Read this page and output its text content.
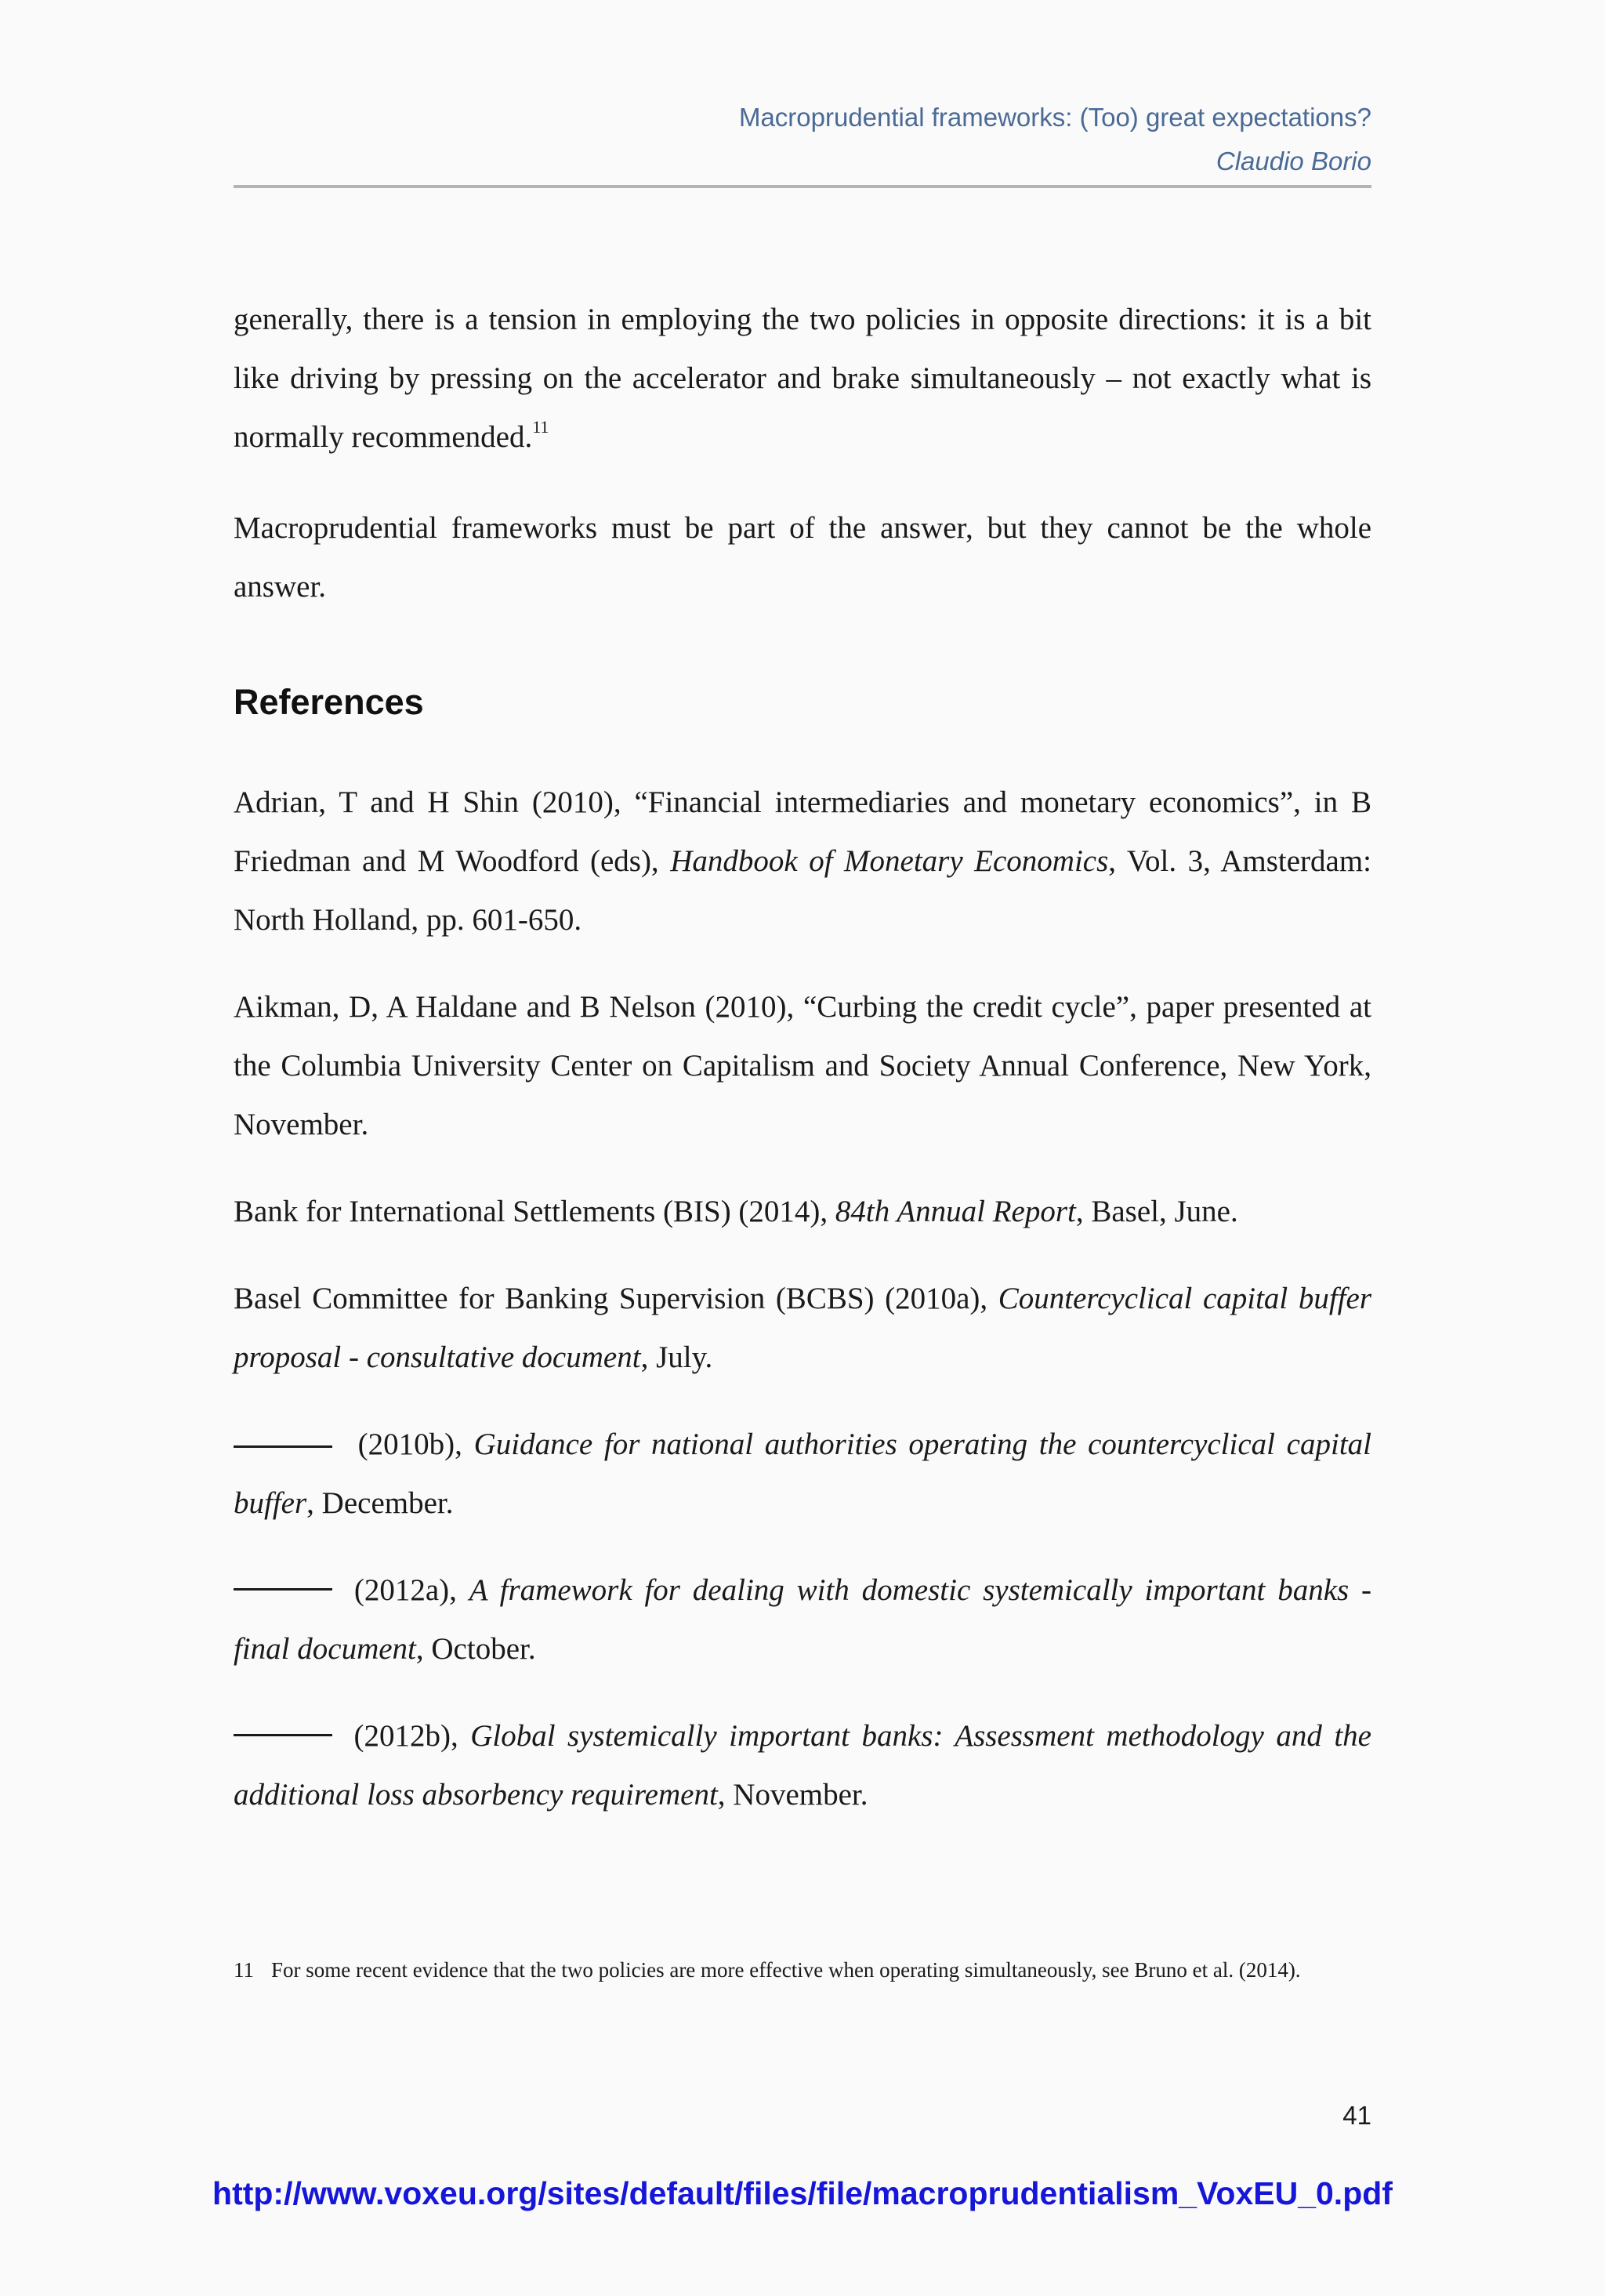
Macroprudential frameworks: (Too) great expectations?
Claudio Borio

generally, there is a tension in employing the two policies in opposite directions: it is a bit like driving by pressing on the accelerator and brake simultaneously – not exactly what is normally recommended.$^{11}$

Macroprudential frameworks must be part of the answer, but they cannot be the whole answer.

References

Adrian, T and H Shin (2010), “Financial intermediaries and monetary economics”, in B Friedman and M Woodford (eds), Handbook of Monetary Economics, Vol. 3, Amsterdam: North Holland, pp. 601-650.

Aikman, D, A Haldane and B Nelson (2010), “Curbing the credit cycle”, paper presented at the Columbia University Center on Capitalism and Society Annual Conference, New York, November.

Bank for International Settlements (BIS) (2014), 84th Annual Report, Basel, June.

Basel Committee for Banking Supervision (BCBS) (2010a), Countercyclical capital buffer proposal - consultative document, July.

(2010b), Guidance for national authorities operating the countercyclical capital buffer, December.

(2012a), A framework for dealing with domestic systemically important banks - final document, October.

(2012b), Global systemically important banks: Assessment methodology and the additional loss absorbency requirement, November.

11 For some recent evidence that the two policies are more effective when operating simultaneously, see Bruno et al. (2014).
41
http://www.voxeu.org/sites/default/files/file/macroprudentialism_VoxEU_0.pdf
